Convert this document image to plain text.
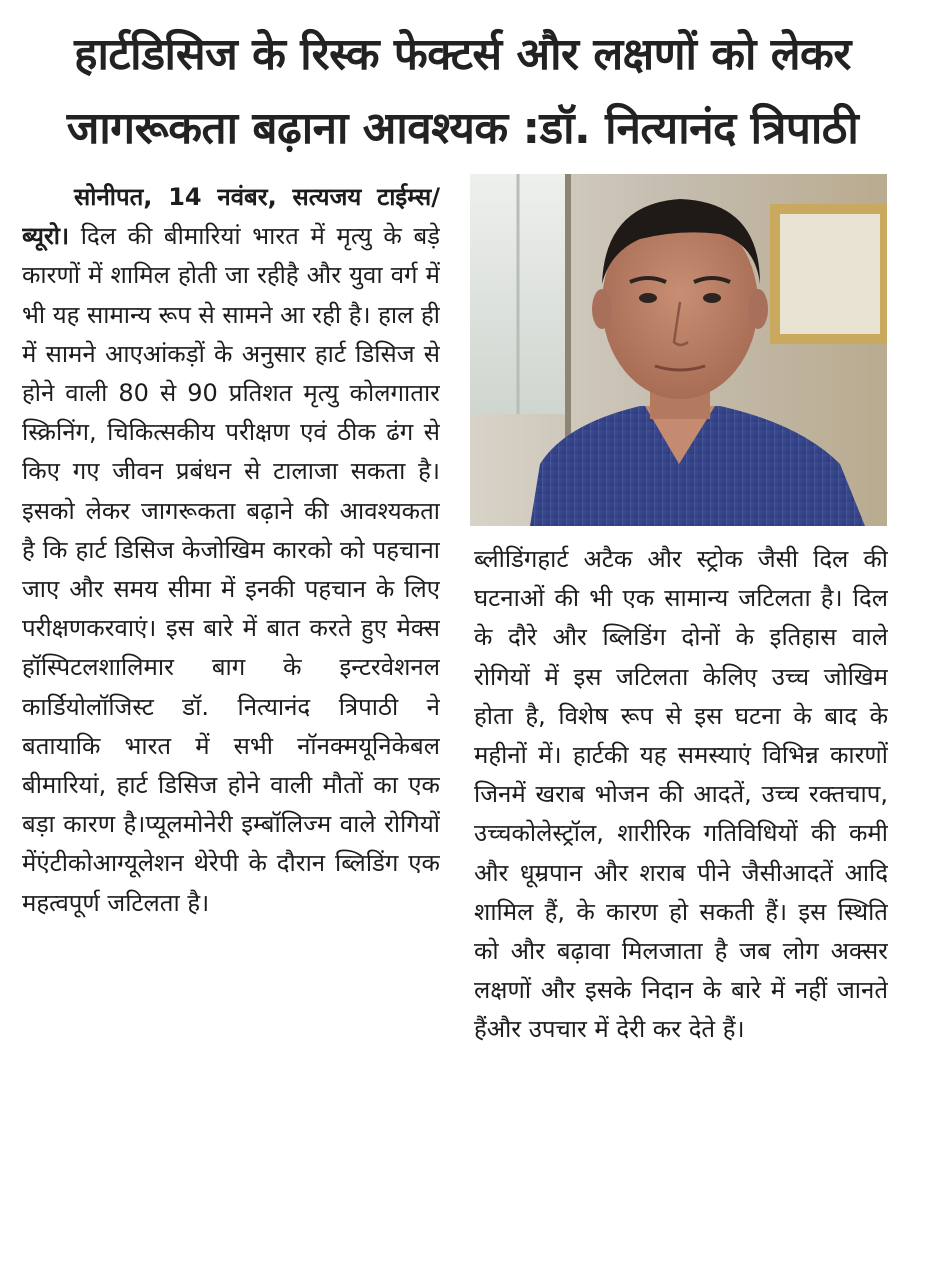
हार्टडिसिज के रिस्क फेक्टर्स और लक्षणों को लेकर
जागरूकता बढ़ाना आवश्यक :डॉ. नित्यानंद त्रिपाठी

सोनीपत, 14 नवंबर, सत्यजय टाईम्स/ब्यूरो। दिल की बीमारियां भारत में मृत्यु के बड़े कारणों में शामिल होती जा रहीहै और युवा वर्ग में भी यह सामान्य रूप से सामने आ रही है। हाल ही में सामने आएआंकड़ों के अनुसार हार्ट डिसिज से होने वाली 80 से 90 प्रतिशत मृत्यु कोलगातार स्क्रिनिंग, चिकित्सकीय परीक्षण एवं ठीक ढंग से किए गए जीवन प्रबंधन से टालाजा सकता है। इसको लेकर जागरूकता बढ़ाने की आवश्यकता है कि हार्ट डिसिज केजोखिम कारको को पहचाना जाए और समय सीमा में इनकी पहचान के लिए परीक्षणकरवाएं। इस बारे में बात करते हुए मेक्स हॉस्पिटलशालिमार बाग के इन्टरवेशनल कार्डियोलॉजिस्ट डॉ. नित्यानंद त्रिपाठी ने बतायाकि भारत में सभी नॉनक्मयूनिकेबल बीमारियां, हार्ट डिसिज होने वाली मौतों का एक बड़ा कारण है।प्यूलमोनेरी इम्बॉलिज्म वाले रोगियों मेंएंटीकोआग्यूलेशन थेरेपी के दौरान ब्लिडिंग एक महत्वपूर्ण जटिलता है।

ब्लीडिंगहार्ट अटैक और स्ट्रोक जैसी दिल की घटनाओं की भी एक सामान्य जटिलता है। दिल के दौरे और ब्लिडिंग दोनों के इतिहास वाले रोगियों में इस जटिलता केलिए उच्च जोखिम होता है, विशेष रूप से इस घटना के बाद के महीनों में। हार्टकी यह समस्याएं विभिन्न कारणों जिनमें खराब भोजन की आदतें, उच्च रक्तचाप, उच्चकोलेस्ट्रॉल, शारीरिक गतिविधियों की कमी और धूम्रपान और शराब पीने जैसीआदतें आदि शामिल हैं, के कारण हो सकती हैं। इस स्थिति को और बढ़ावा मिलजाता है जब लोग अक्सर लक्षणों और इसके निदान के बारे में नहीं जानते हैंऔर उपचार में देरी कर देते हैं।
